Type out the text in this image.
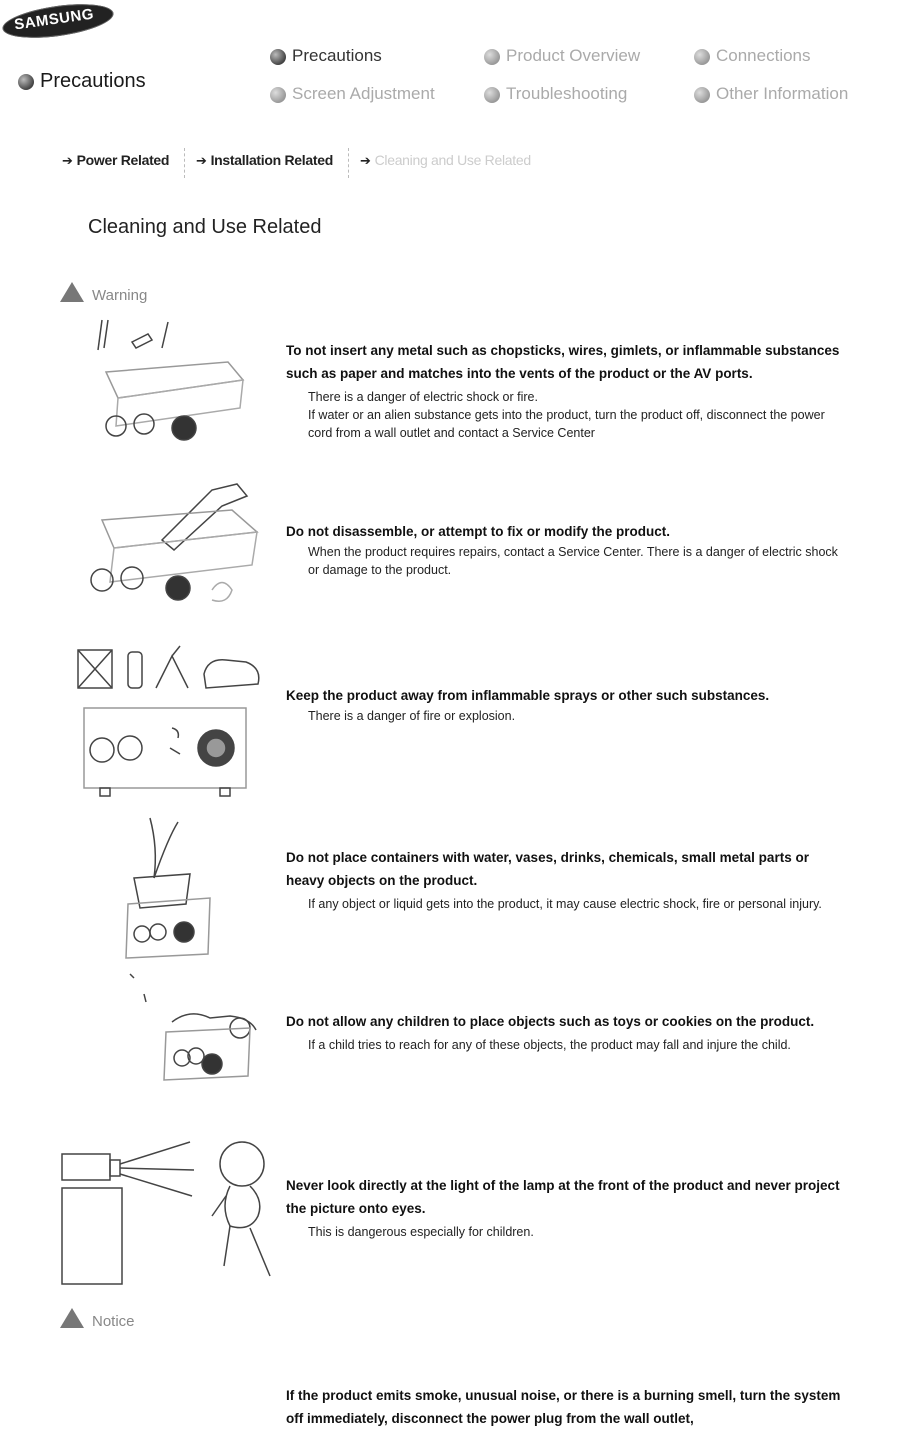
SAMSUNG
Precautions
Precautions	Product Overview	Connections
Screen Adjustment	Troubleshooting	Other Information
➔ Power Related ➔ Installation Related ➔ Cleaning and Use Related
Cleaning and Use Related
Warning
To not insert any metal such as chopsticks, wires, gimlets, or inflammable substances such as paper and matches into the vents of the product or the AV ports.
There is a danger of electric shock or fire.
If water or an alien substance gets into the product, turn the product off, disconnect the power cord from a wall outlet and contact a Service Center
Do not disassemble, or attempt to fix or modify the product.
When the product requires repairs, contact a Service Center. There is a danger of electric shock or damage to the product.
Keep the product away from inflammable sprays or other such substances.
There is a danger of fire or explosion.
Do not place containers with water, vases, drinks, chemicals, small metal parts or heavy objects on the product.
If any object or liquid gets into the product, it may cause electric shock, fire or personal injury.
Do not allow any children to place objects such as toys or cookies on the product.
If a child tries to reach for any of these objects, the product may fall and injure the child.
Never look directly at the light of the lamp at the front of the product and never project the picture onto eyes.
This is dangerous especially for children.
Notice
If the product emits smoke, unusual noise, or there is a burning smell, turn the system off immediately, disconnect the power plug from the wall outlet,
